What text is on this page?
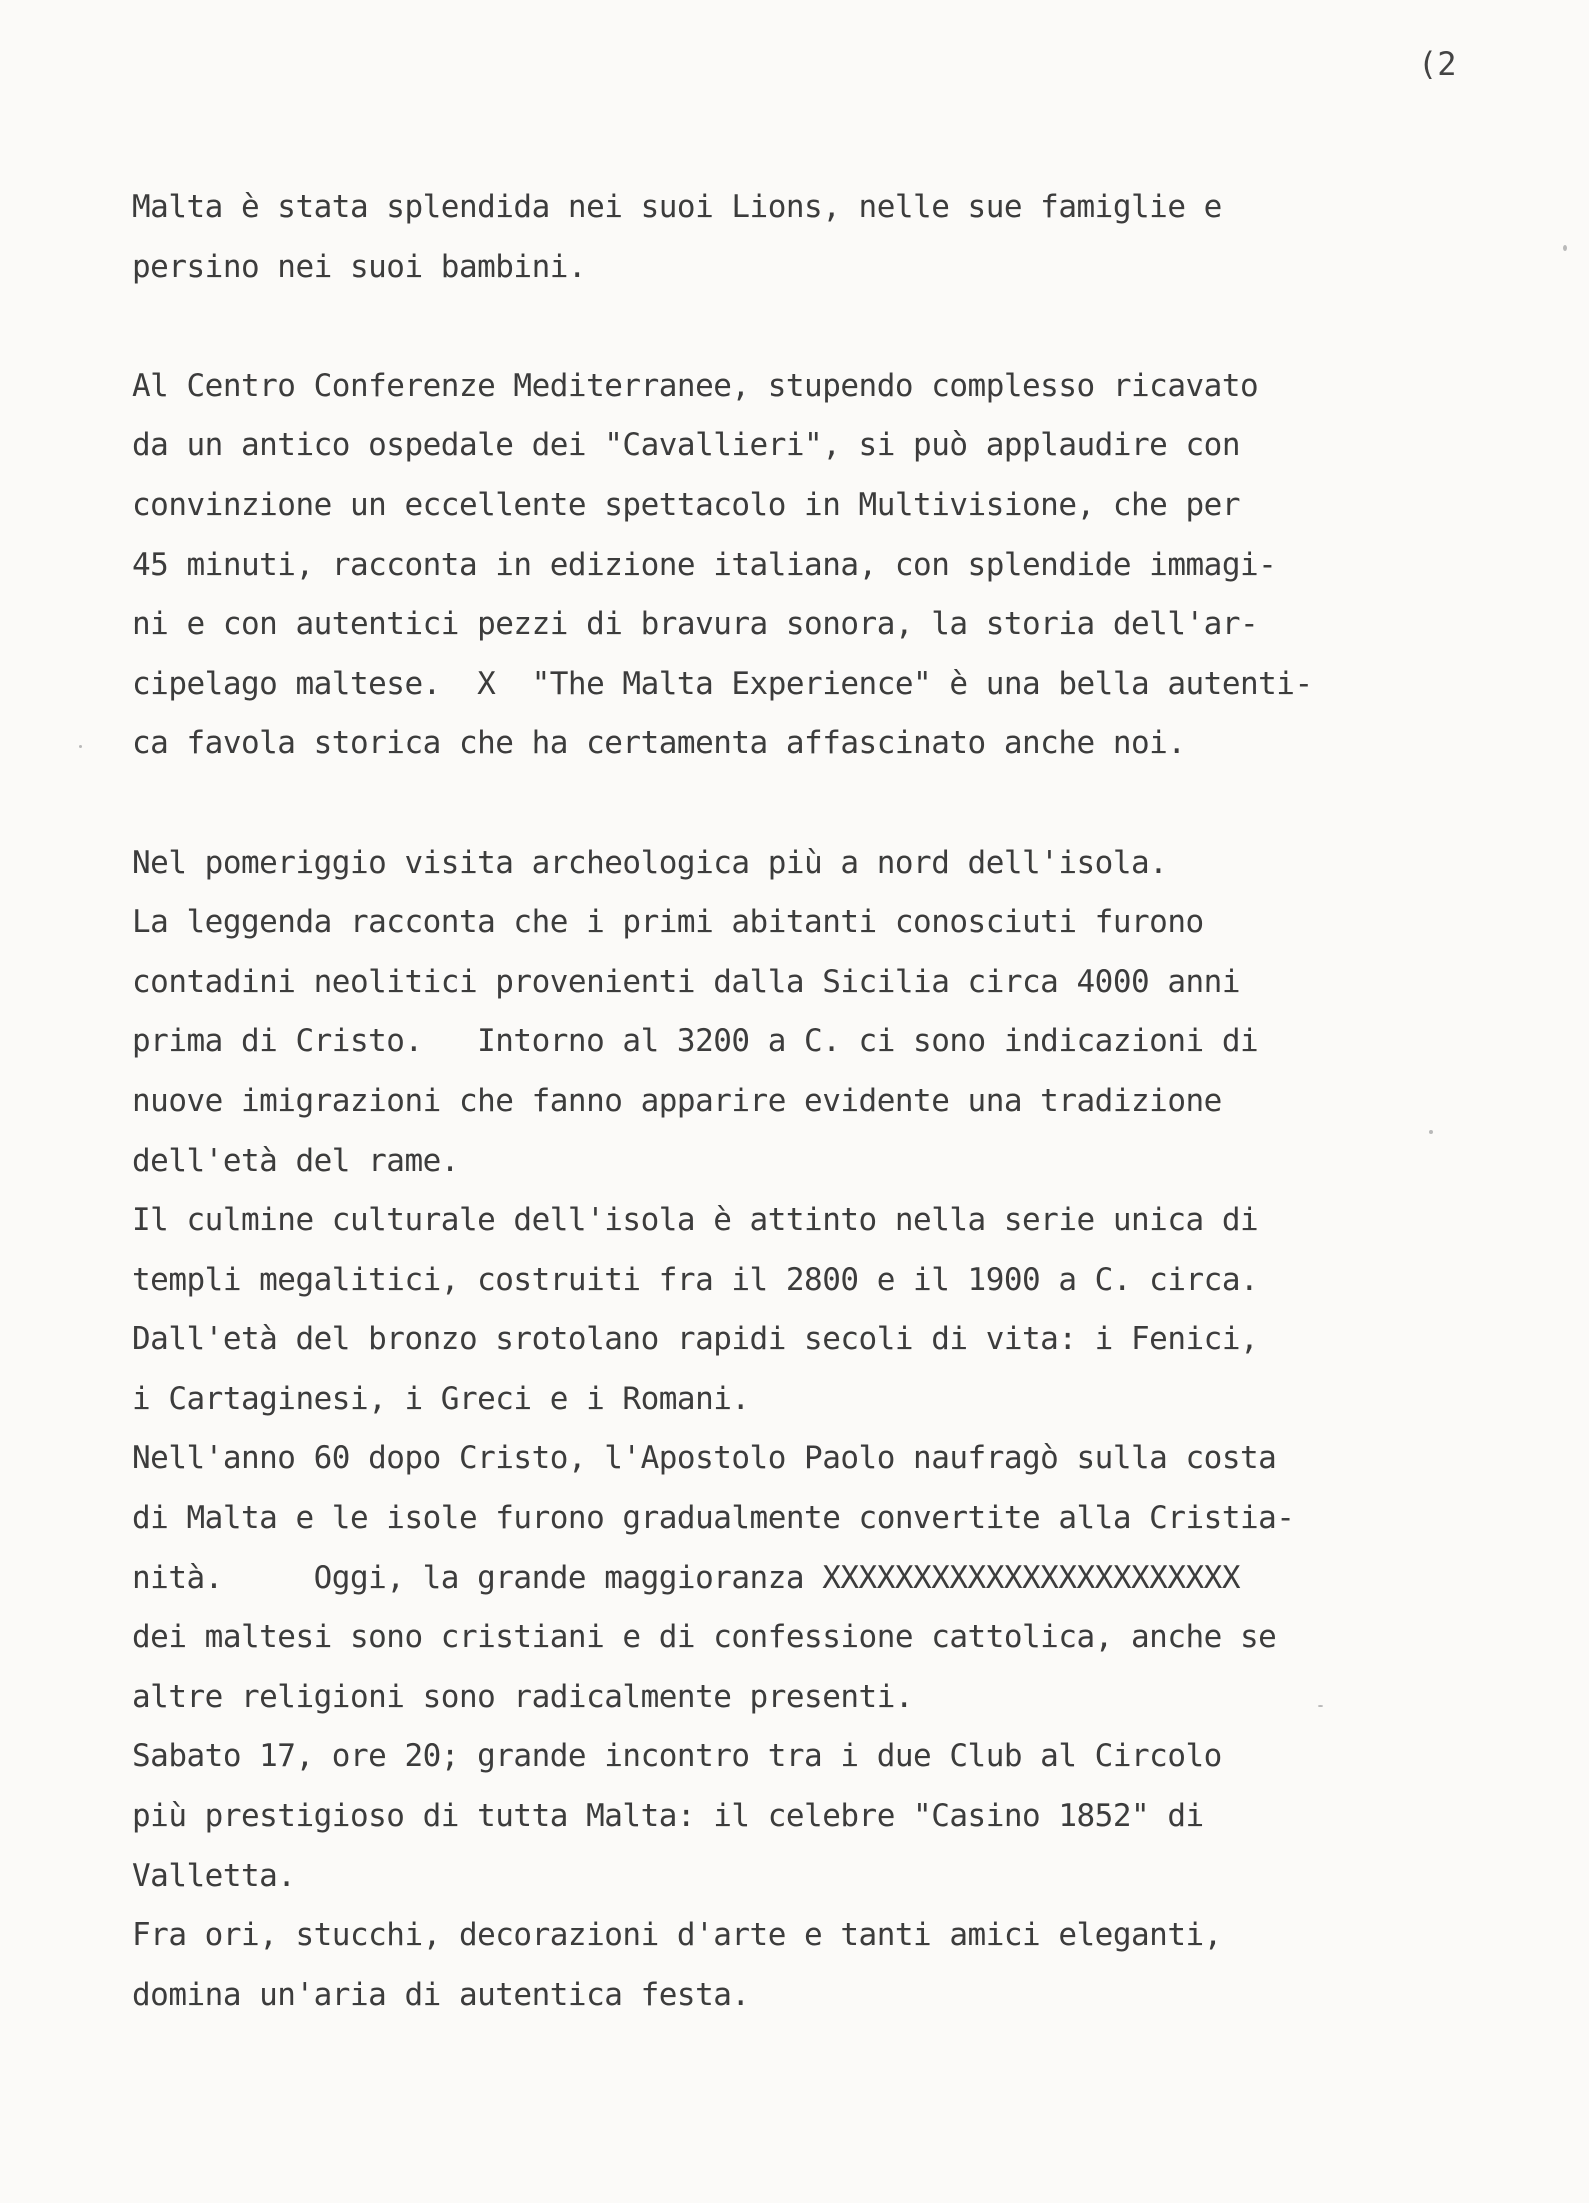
(2
Malta è stata splendida nei suoi Lions, nelle sue famiglie e
persino nei suoi bambini.
Al Centro Conferenze Mediterranee, stupendo complesso ricavato
da un antico ospedale dei "Cavallieri", si può applaudire con
convinzione un eccellente spettacolo in Multivisione, che per
45 minuti, racconta in edizione italiana, con splendide immagi-
ni e con autentici pezzi di bravura sonora, la storia dell'ar-
cipelago maltese.  X  "The Malta Experience" è una bella autenti-
ca favola storica che ha certamenta affascinato anche noi.
Nel pomeriggio visita archeologica più a nord dell'isola.
La leggenda racconta che i primi abitanti conosciuti furono
contadini neolitici provenienti dalla Sicilia circa 4000 anni
prima di Cristo.   Intorno al 3200 a C. ci sono indicazioni di
nuove imigrazioni che fanno apparire evidente una tradizione
dell'età del rame.
Il culmine culturale dell'isola è attinto nella serie unica di
templi megalitici, costruiti fra il 2800 e il 1900 a C. circa.
Dall'età del bronzo srotolano rapidi secoli di vita: i Fenici,
i Cartaginesi, i Greci e i Romani.
Nell'anno 60 dopo Cristo, l'Apostolo Paolo naufragò sulla costa
di Malta e le isole furono gradualmente convertite alla Cristia-
nità.     Oggi, la grande maggioranza XXXXXXXXXXXXXXXXXXXXXXX
dei maltesi sono cristiani e di confessione cattolica, anche se
altre religioni sono radicalmente presenti.
Sabato 17, ore 20; grande incontro tra i due Club al Circolo
più prestigioso di tutta Malta: il celebre "Casino 1852" di
Valletta.
Fra ori, stucchi, decorazioni d'arte e tanti amici eleganti,
domina un'aria di autentica festa.
